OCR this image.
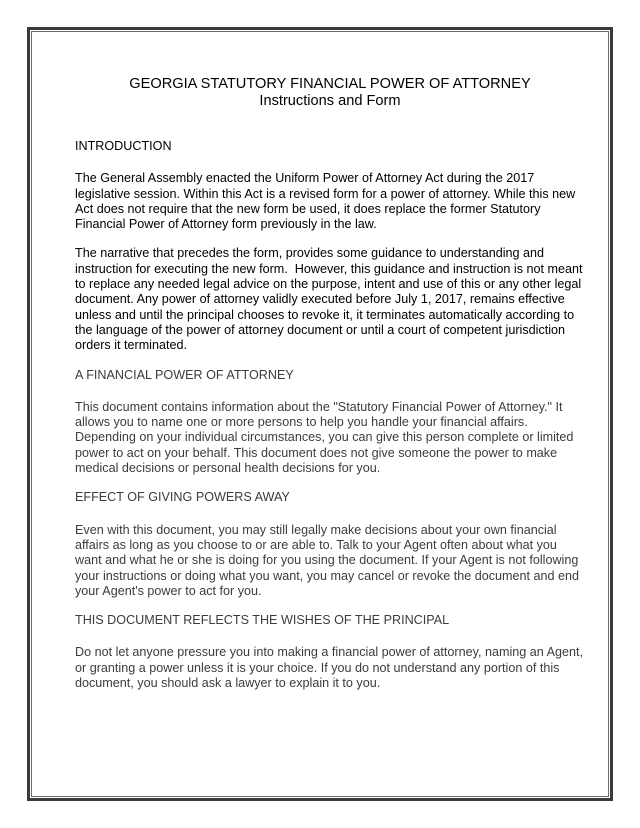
GEORGIA STATUTORY FINANCIAL POWER OF ATTORNEY
Instructions and Form

INTRODUCTION

The General Assembly enacted the Uniform Power of Attorney Act during the 2017 legislative session. Within this Act is a revised form for a power of attorney. While this new Act does not require that the new form be used, it does replace the former Statutory Financial Power of Attorney form previously in the law.

The narrative that precedes the form, provides some guidance to understanding and instruction for executing the new form.  However, this guidance and instruction is not meant to replace any needed legal advice on the purpose, intent and use of this or any other legal document. Any power of attorney validly executed before July 1, 2017, remains effective unless and until the principal chooses to revoke it, it terminates automatically according to the language of the power of attorney document or until a court of competent jurisdiction orders it terminated.

A FINANCIAL POWER OF ATTORNEY

This document contains information about the "Statutory Financial Power of Attorney." It allows you to name one or more persons to help you handle your financial affairs. Depending on your individual circumstances, you can give this person complete or limited power to act on your behalf. This document does not give someone the power to make medical decisions or personal health decisions for you.

EFFECT OF GIVING POWERS AWAY

Even with this document, you may still legally make decisions about your own financial affairs as long as you choose to or are able to. Talk to your Agent often about what you want and what he or she is doing for you using the document. If your Agent is not following your instructions or doing what you want, you may cancel or revoke the document and end your Agent's power to act for you.

THIS DOCUMENT REFLECTS THE WISHES OF THE PRINCIPAL

Do not let anyone pressure you into making a financial power of attorney, naming an Agent, or granting a power unless it is your choice. If you do not understand any portion of this document, you should ask a lawyer to explain it to you.
